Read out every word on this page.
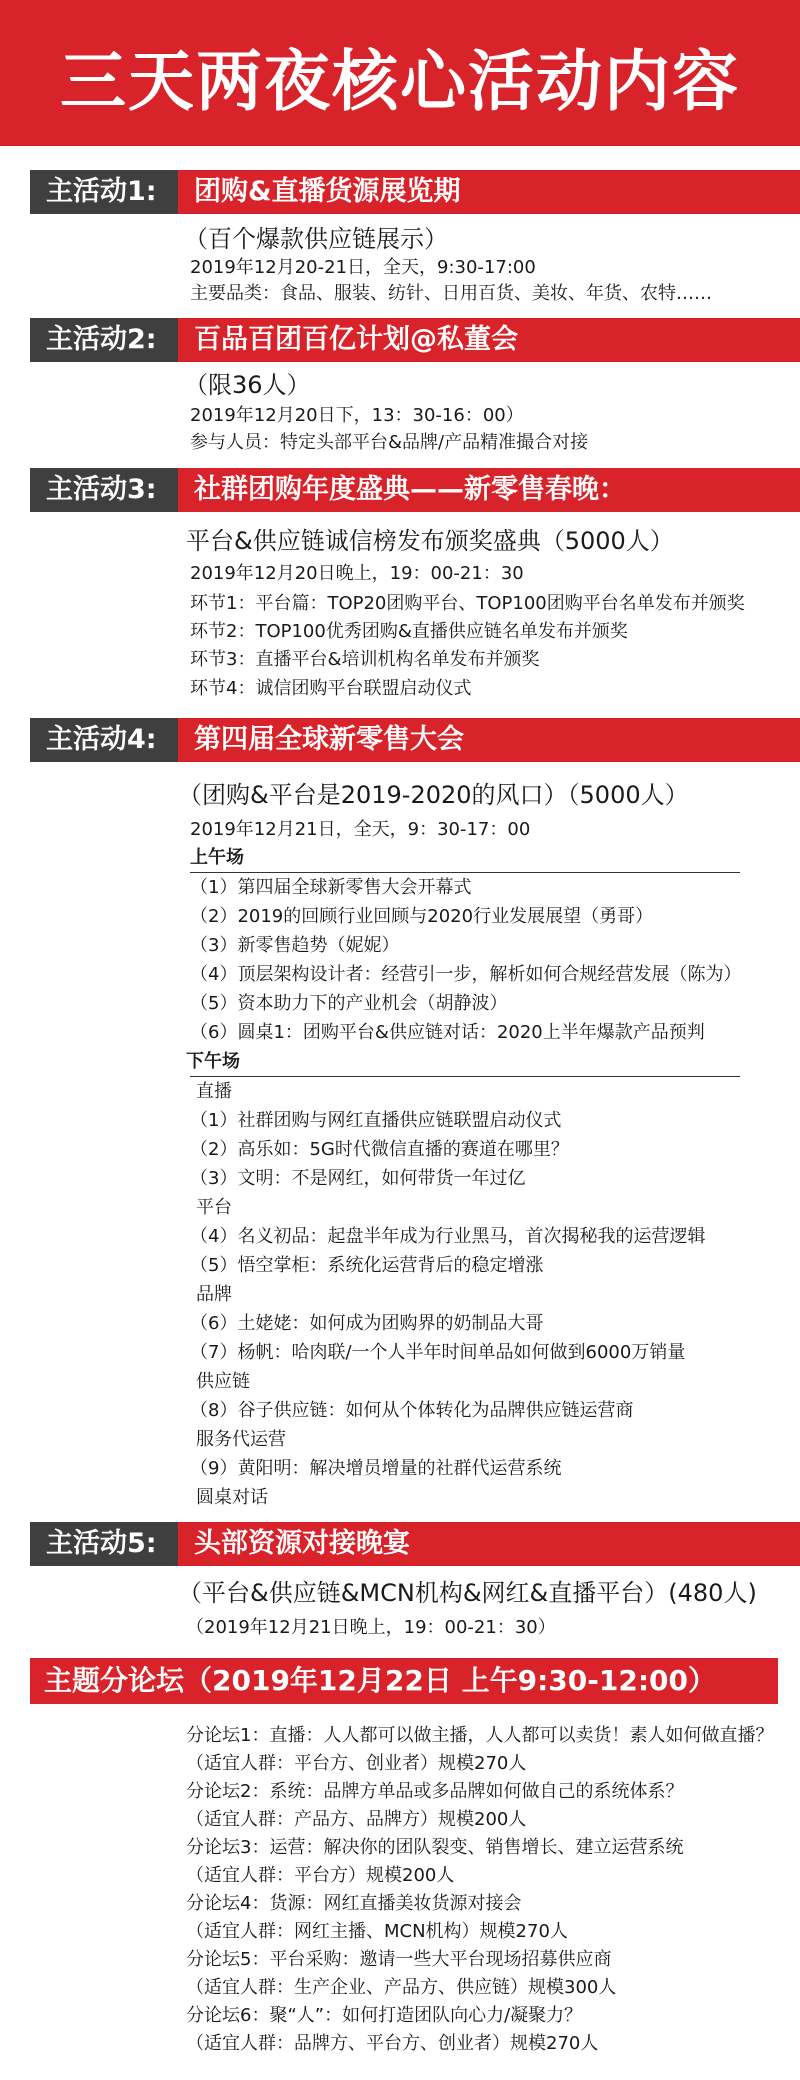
三天两夜核心活动内容
主活动1:	团购&直播货源展览期
（百个爆款供应链展示）
2019年12月20-21日，全天，9:30-17:00
主要品类：食品、服装、纺针、日用百货、美妆、年货、农特……
主活动2:	百品百团百亿计划@私董会
（限36人）
2019年12月20日下，13：30-16：00）
参与人员：特定头部平台&品牌/产品精准撮合对接
主活动3:	社群团购年度盛典——新零售春晚：
平台&供应链诚信榜发布颁奖盛典（5000人）
2019年12月20日晚上，19：00-21：30
环节1：平台篇：TOP20团购平台、TOP100团购平台名单发布并颁奖
环节2：TOP100优秀团购&直播供应链名单发布并颁奖
环节3：直播平台&培训机构名单发布并颁奖
环节4：诚信团购平台联盟启动仪式
主活动4:	第四届全球新零售大会
（团购&平台是2019-2020的风口）（5000人）
2019年12月21日，全天，9：30-17：00
上午场
（1）第四届全球新零售大会开幕式
（2）2019的回顾行业回顾与2020行业发展展望（勇哥）
（3）新零售趋势（妮妮）
（4）顶层架构设计者：经营引一步，解析如何合规经营发展（陈为）
（5）资本助力下的产业机会（胡静波）
（6）圆桌1：团购平台&供应链对话：2020上半年爆款产品预判
下午场
直播
（1）社群团购与网红直播供应链联盟启动仪式
（2）高乐如：5G时代微信直播的赛道在哪里？
（3）文明：不是网红，如何带货一年过亿
平台
（4）名义初品：起盘半年成为行业黑马，首次揭秘我的运营逻辑
（5）悟空掌柜：系统化运营背后的稳定增涨
品牌
（6）土姥姥：如何成为团购界的奶制品大哥
（7）杨帆：哈肉联/一个人半年时间单品如何做到6000万销量
供应链
（8）谷子供应链：如何从个体转化为品牌供应链运营商
服务代运营
（9）黄阳明：解决增员增量的社群代运营系统
圆桌对话
主活动5:	头部资源对接晚宴
（平台&供应链&MCN机构&网红&直播平台）(480人)
（2019年12月21日晚上，19：00-21：30）
主题分论坛（2019年12月22日 上午9:30-12:00）
分论坛1：直播：人人都可以做主播，人人都可以卖货！素人如何做直播？
（适宜人群：平台方、创业者）规模270人
分论坛2：系统：品牌方单品或多品牌如何做自己的系统体系？
（适宜人群：产品方、品牌方）规模200人
分论坛3：运营：解决你的团队裂变、销售增长、建立运营系统
（适宜人群：平台方）规模200人
分论坛4：货源：网红直播美妆货源对接会
（适宜人群：网红主播、MCN机构）规模270人
分论坛5：平台采购：邀请一些大平台现场招募供应商
（适宜人群：生产企业、产品方、供应链）规模300人
分论坛6：聚“人”：如何打造团队向心力/凝聚力？
（适宜人群：品牌方、平台方、创业者）规模270人
